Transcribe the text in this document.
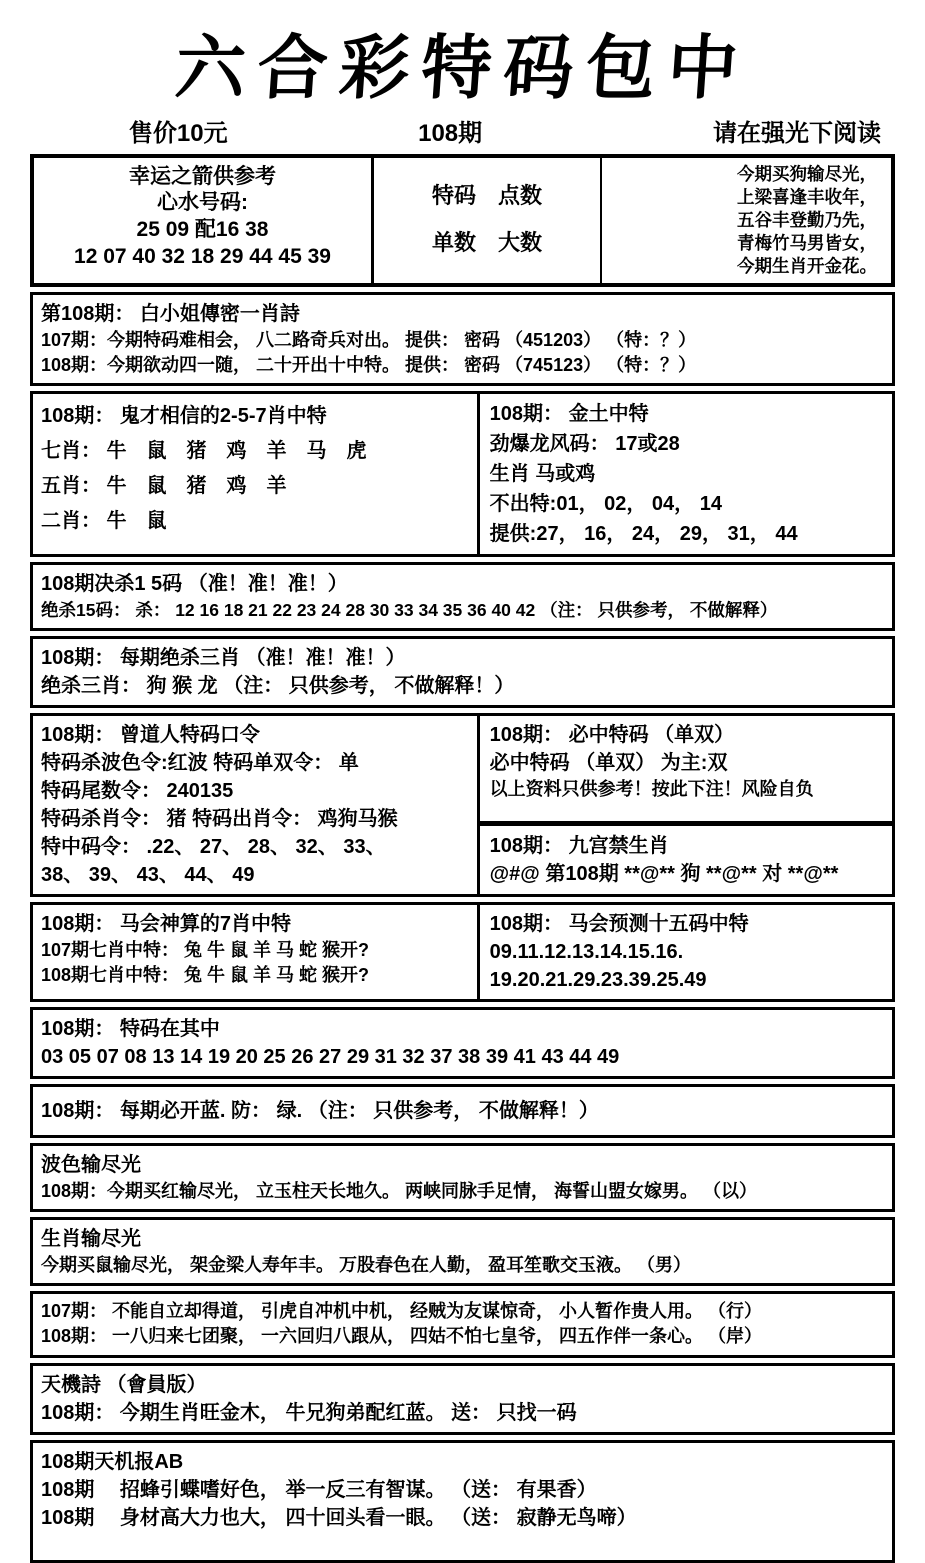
六合彩特码包中
售价10元	108期	请在强光下阅读
幸运之箭供参考
心水号码:
25 09 配16 38
12 07 40 32 18 29 44 45 39
特码　点数
单数　大数
今期买狗输尽光，
上梁喜逢丰收年，
五谷丰登勤乃先，
青梅竹马男皆女，
今期生肖开金花。
第108期： 白小姐傳密一肖詩
107期：今期特码难相会， 八二路奇兵对出。 提供： 密码 （451203） （特：？）
108期：今期欲动四一随， 二十开出十中特。 提供： 密码 （745123） （特：？）
108期： 鬼才相信的2-5-7肖中特
七肖： 牛　鼠　猪　鸡　羊　马　虎
五肖： 牛　鼠　猪　鸡　羊
二肖： 牛　鼠
108期： 金土中特
劲爆龙风码： 17或28
生肖 马或鸡
不出特:01， 02， 04， 14
提供:27， 16， 24， 29， 31， 44
108期决杀1 5码 （准！准！准！）
绝杀15码： 杀： 12 16 18 21 22 23 24 28 30 33 34 35 36 40 42 （注： 只供参考， 不做解释）
108期： 每期绝杀三肖 （准！准！准！）
绝杀三肖： 狗 猴 龙 （注： 只供参考， 不做解释！）
108期： 曾道人特码口令
特码杀波色令:红波 特码单双令： 单
特码尾数令： 240135
特码杀肖令： 猪 特码出肖令： 鸡狗马猴
特中码令： .22、 27、 28、 32、 33、
38、 39、 43、 44、 49
108期： 必中特码 （单双）
必中特码 （单双） 为主:双
以上资料只供参考！按此下注！风险自负
108期： 九宫禁生肖
@#@ 第108期 **@** 狗 **@** 对 **@**
108期： 马会神算的7肖中特
107期七肖中特： 兔 牛 鼠 羊 马 蛇 猴开?
108期七肖中特： 兔 牛 鼠 羊 马 蛇 猴开?
108期： 马会预测十五码中特
09.11.12.13.14.15.16.
19.20.21.29.23.39.25.49
108期： 特码在其中
03 05 07 08 13 14 19 20 25 26 27 29 31 32 37 38 39 41 43 44 49
108期： 每期必开蓝. 防： 绿. （注： 只供参考， 不做解释！）
波色输尽光
108期：今期买红输尽光， 立玉柱天长地久。 两峡同脉手足情， 海誓山盟女嫁男。 （以）
生肖输尽光
今期买鼠输尽光， 架金梁人寿年丰。 万股春色在人勤， 盈耳笙歌交玉液。 （男）
107期： 不能自立却得道， 引虎自冲机中机， 经贼为友谋惊奇， 小人暂作贵人用。 （行）
108期： 一八归来七团聚， 一六回归八跟从， 四姑不怕七皇爷， 四五作伴一条心。 （岸）
天機詩 （會員版）
108期： 今期生肖旺金木， 牛兄狗弟配红蓝。 送： 只找一码
108期天机报AB
108期　 招蜂引蝶嗜好色， 举一反三有智谋。 （送： 有果香）
108期　 身材高大力也大， 四十回头看一眼。 （送： 寂静无鸟啼）
